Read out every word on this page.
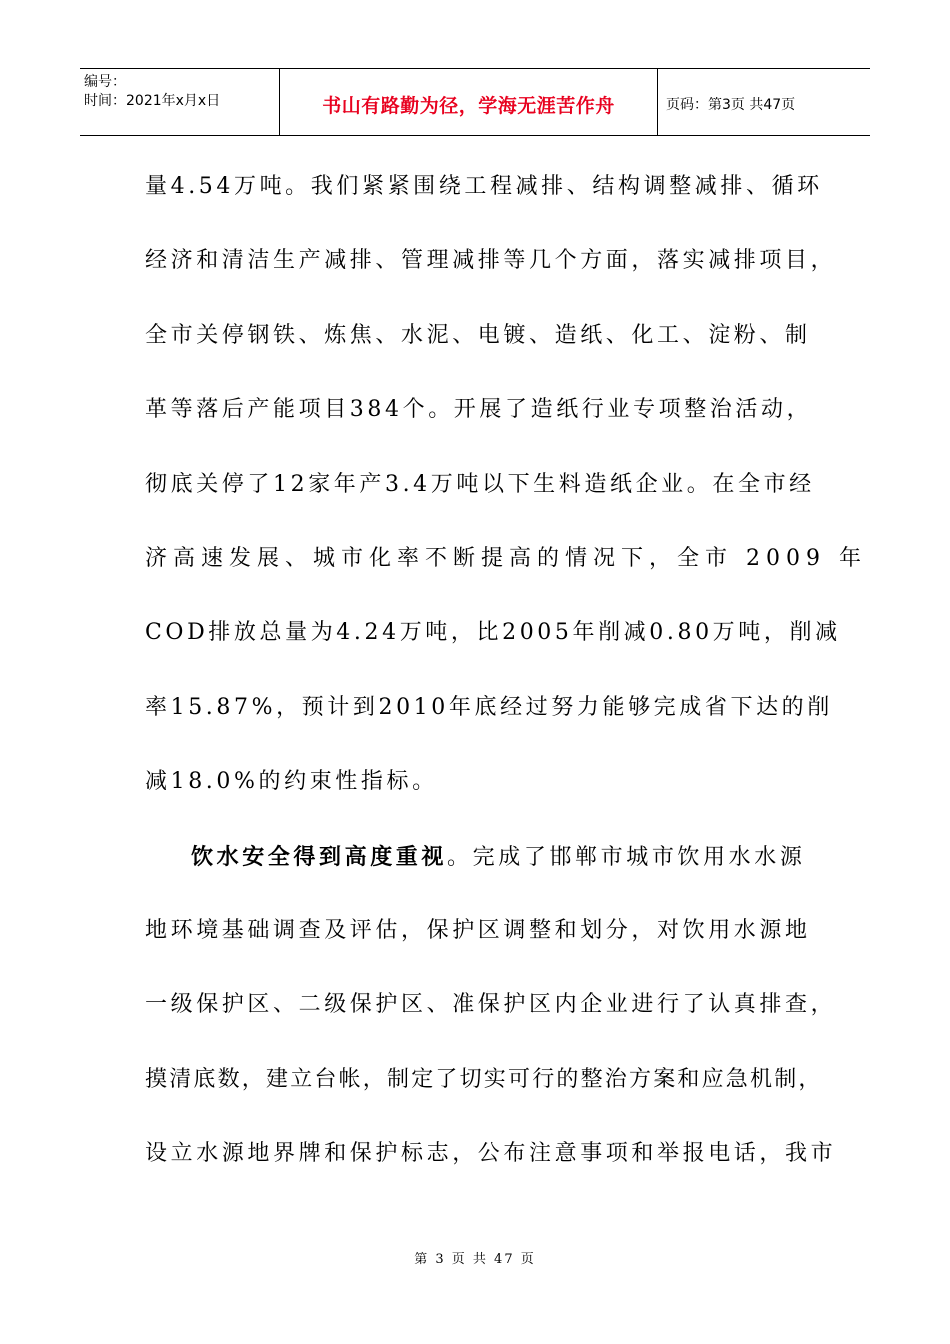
编号：
时间：2021年x月x日	书山有路勤为径，学海无涯苦作舟	页码：第3页 共47页
量4.54万吨。我们紧紧围绕工程减排、结构调整减排、循环
经济和清洁生产减排、管理减排等几个方面，落实减排项目，
全市关停钢铁、炼焦、水泥、电镀、造纸、化工、淀粉、制
革等落后产能项目384个。开展了造纸行业专项整治活动，
彻底关停了12家年产3.4万吨以下生料造纸企业。在全市经
济高速发展、城市化率不断提高的情况下，全市 2009 年
COD排放总量为4.24万吨，比2005年削减0.80万吨，削减
率15.87%，预计到2010年底经过努力能够完成省下达的削
减18.0%的约束性指标。
饮水安全得到高度重视。完成了邯郸市城市饮用水水源
地环境基础调查及评估，保护区调整和划分，对饮用水源地
一级保护区、二级保护区、准保护区内企业进行了认真排查，
摸清底数，建立台帐，制定了切实可行的整治方案和应急机制，
设立水源地界牌和保护标志，公布注意事项和举报电话，我市
第 3 页 共 47 页
